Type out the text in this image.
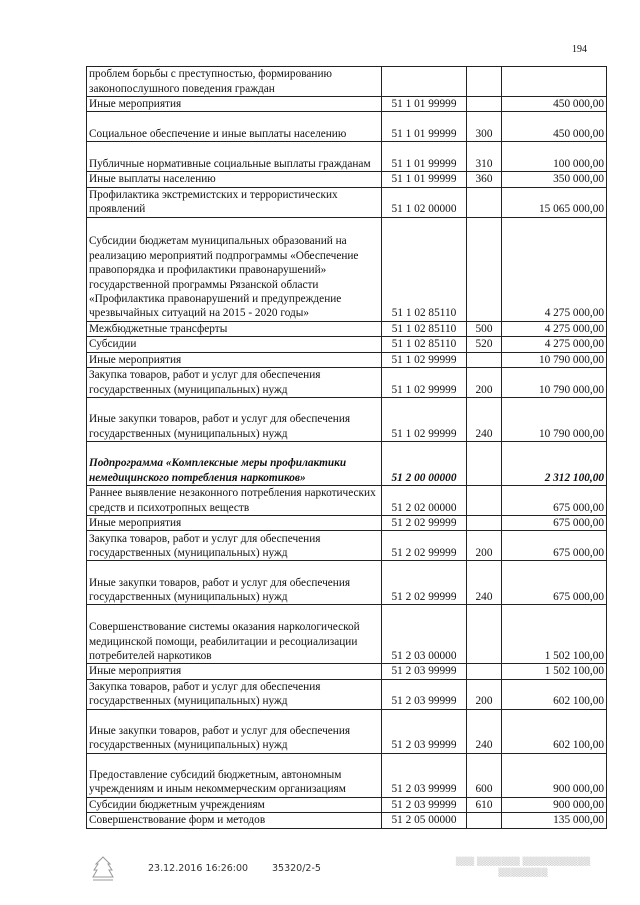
194
проблем борьбы с преступностью, формированию законопослушного поведения граждан			
Иные мероприятия	51 1 01 99999		450 000,00
Социальное обеспечение и иные выплаты населению	51 1 01 99999	300	450 000,00
Публичные нормативные социальные выплаты гражданам	51 1 01 99999	310	100 000,00
Иные выплаты населению	51 1 01 99999	360	350 000,00
Профилактика экстремистских и террористических проявлений	51 1 02 00000		15 065 000,00
Субсидии бюджетам муниципальных образований на реализацию мероприятий подпрограммы «Обеспечение правопорядка и профилактики правонарушений» государственной программы Рязанской области «Профилактика правонарушений и предупреждение чрезвычайных ситуаций на 2015 - 2020 годы»	51 1 02 85110		4 275 000,00
Межбюджетные трансферты	51 1 02 85110	500	4 275 000,00
Субсидии	51 1 02 85110	520	4 275 000,00
Иные мероприятия	51 1 02 99999		10 790 000,00
Закупка товаров, работ и услуг для обеспечения государственных (муниципальных) нужд	51 1 02 99999	200	10 790 000,00
Иные закупки товаров, работ и услуг для обеспечения государственных (муниципальных) нужд	51 1 02 99999	240	10 790 000,00
Подпрограмма «Комплексные меры профилактики немедицинского потребления наркотиков»	51 2 00 00000		2 312 100,00
Раннее выявление незаконного потребления наркотических средств и психотропных веществ	51 2 02 00000		675 000,00
Иные мероприятия	51 2 02 99999		675 000,00
Закупка товаров, работ и услуг для обеспечения государственных (муниципальных) нужд	51 2 02 99999	200	675 000,00
Иные закупки товаров, работ и услуг для обеспечения государственных (муниципальных) нужд	51 2 02 99999	240	675 000,00
Совершенствование системы оказания наркологической медицинской помощи, реабилитации и ресоциализации потребителей наркотиков	51 2 03 00000		1 502 100,00
Иные мероприятия	51 2 03 99999		1 502 100,00
Закупка товаров, работ и услуг для обеспечения государственных (муниципальных) нужд	51 2 03 99999	200	602 100,00
Иные закупки товаров, работ и услуг для обеспечения государственных (муниципальных) нужд	51 2 03 99999	240	602 100,00
Предоставление субсидий бюджетным, автономным учреждениям и иным некоммерческим организациям	51 2 03 99999	600	900 000,00
Субсидии бюджетным учреждениям	51 2 03 99999	610	900 000,00
Совершенствование форм и методов	51 2 05 00000		135 000,00
23.12.2016 16:26:00	35320/2-5
▒▒▒ ▒▒▒▒▒▒▒ ▒▒▒▒▒▒▒▒▒▒▒
▒▒▒▒▒▒▒▒
